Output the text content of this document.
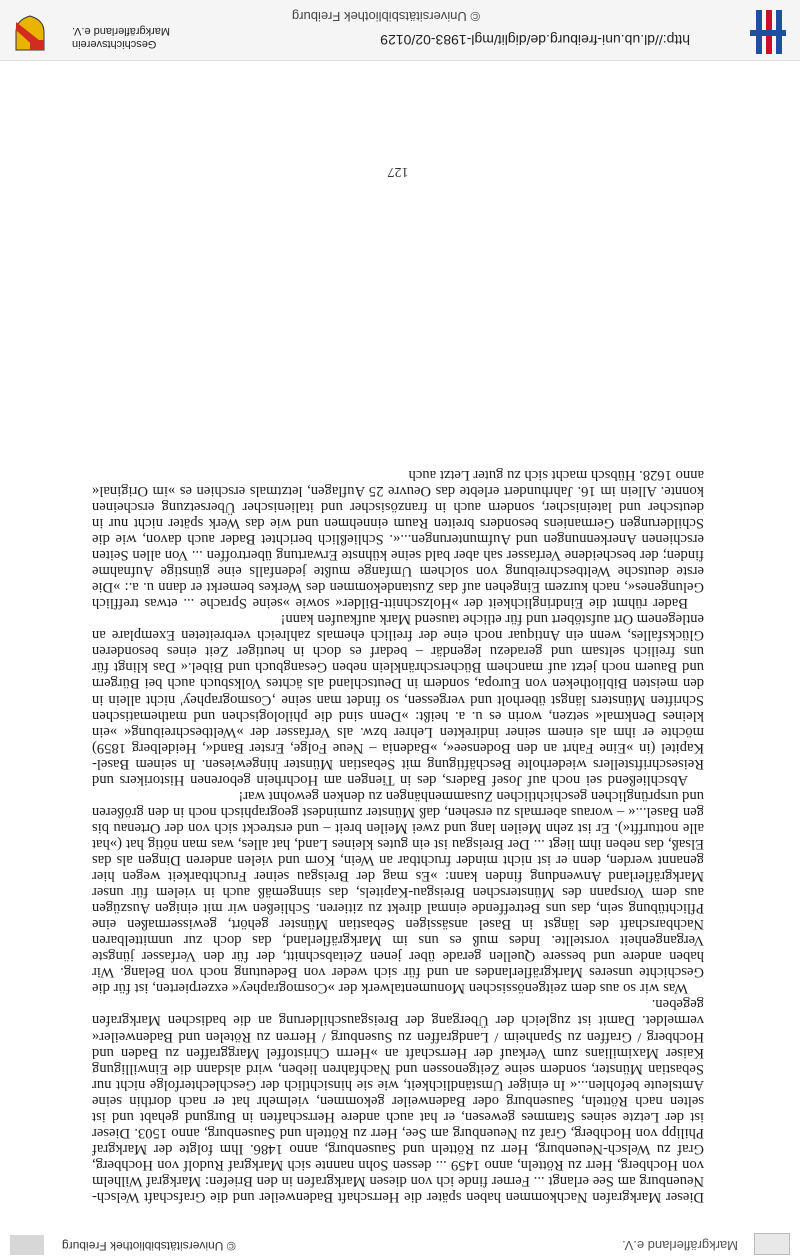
Markgräflerland e.V.
© Universitätsbibliothek Freiburg

Dieser Markgrafen Nachkommen haben später die Herrschaft Badenweiler und die Grafschaft Welsch-Neuenburg am See erlangt ... Ferner finde ich von diesen Markgrafen in den Briefen: Markgraf Wilhelm von Hochberg, Herr zu Rötteln, anno 1459 ... dessen Sohn nannte sich Markgraf Rudolf von Hochberg, Graf zu Welsch-Neuenburg, Herr zu Rötteln und Sausenburg, anno 1486. Ihm folgte der Markgraf Philipp von Hochberg, Graf zu Neuenburg am See, Herr zu Rötteln und Sausenburg, anno 1503. Dieser ist der Letzte seines Stammes gewesen, er hat auch andere Herrschaften in Burgund gehabt und ist selten nach Rötteln, Sausenburg oder Badenweiler gekommen, vielmehr hat er nach dorthin seine Amtsleute befohlen...« In einiger Umständlichkeit, wie sie hinsichtlich der Geschlechterfolge nicht nur Sebastian Münster, sondern seine Zeitgenossen und Nachfahren lieben, wird alsdann die Einwilligung Kaiser Maximilians zum Verkauf der Herrschaft an »Herrn Christoffel Marggraffen zu Baden und Hochberg / Graffen zu Spanheim / Landgraffen zu Susenburg / Herren zu Rötelen und Badenweiler« vermeldet. Damit ist zugleich der Übergang der Breisgauschilderung an die badischen Markgrafen gegeben.

Was wir so aus dem zeitgenössischen Monumentalwerk der »Cosmographey« exzerpierten, ist für die Geschichte unseres Markgräflerlandes an und für sich weder von Bedeutung noch von Belang. Wir haben andere und bessere Quellen gerade über jenen Zeitabschnitt, der für den Verfasser jüngste Vergangenheit vorstellte. Indes muß es uns im Markgräflerland, das doch zur unmittelbaren Nachbarschaft des längst in Basel ansässigen Sebastian Münster gehört, gewissermaßen eine Pflichtübung sein, das uns Betreffende einmal direkt zu zitieren. Schließen wir mit einigen Auszügen aus dem Vorspann des Münsterschen Breisgau-Kapitels, das sinngemäß auch in vielem für unser Markgräflerland Anwendung finden kann: »Es mag der Breisgau seiner Fruchtbarkeit wegen hier genannt werden, denn er ist nicht minder fruchtbar an Wein, Korn und vielen anderen Dingen als das Elsaß, das neben ihm liegt ... Der Breisgau ist ein gutes kleines Land, hat alles, was man nötig hat (»hat alle notturfft«). Er ist zehn Meilen lang und zwei Meilen breit – und erstreckt sich von der Ortenau bis gen Basel...« – woraus abermals zu ersehen, daß Münster zumindest geographisch noch in den größeren und ursprünglichen geschichtlichen Zusammenhängen zu denken gewohnt war!

Abschließend sei noch auf Josef Baders, des in Tiengen am Hochrhein geborenen Historikers und Reiseschriftstellers wiederholte Beschäftigung mit Sebastian Münster hingewiesen. In seinem Basel-Kapitel (in »Eine Fahrt an den Bodensee«, »Badenia – Neue Folge, Erster Band«, Heidelberg 1859) möchte er ihm als einem seiner indirekten Lehrer bzw. als Verfasser der »Weltbeschreibung« »ein kleines Denkmal« setzen, worin es u. a. heißt: »Denn sind die philologischen und mathematischen Schriften Münsters längst überholt und vergessen, so findet man seine ‚Cosmographey' nicht allein in den meisten Bibliotheken von Europa, sondern in Deutschland als ächtes Volksbuch auch bei Bürgern und Bauern noch jetzt auf manchem Bücherschränklein neben Gesangbuch und Bibel.« Das klingt für uns freilich seltsam und geradezu legendär – bedarf es doch in heutiger Zeit eines besonderen Glücksfalles, wenn ein Antiquar noch eine der freilich ehemals zahlreich verbreiteten Exemplare an entlegenem Ort aufstöbert und für etliche tausend Mark aufkaufen kann!

Bader rühmt die Eindringlichkeit der »Holzschnitt-Bilder« sowie »seine Sprache ... etwas trefflich Gelungenes«, nach kurzem Eingehen auf das Zustandekommen des Werkes bemerkt er dann u. a.: »Die erste deutsche Weltbeschreibung von solchem Umfange mußte jedenfalls eine günstige Aufnahme finden; der bescheidene Verfasser sah aber bald seine kühnste Erwartung übertroffen ... Von allen Seiten erschienen Anerkennungen und Aufmunterungen...«. Schließlich berichtet Bader auch davon, wie die Schilderungen Germaniens besonders breiten Raum einnehmen und wie das Werk später nicht nur in deutscher und lateinischer, sondern auch in französischer und italienischer Übersetzung erscheinen konnte. Allein im 16. Jahrhundert erlebte das Oeuvre 25 Auflagen, letztmals erschien es »im Original« anno 1628. Hübsch macht sich zu guter Letzt auch

127
http://dl.ub.uni-freiburg.de/diglit/mgl-1983-02/0129
© Universitätsbibliothek Freiburg
Geschichtsverein
Markgräflerland e.V.
